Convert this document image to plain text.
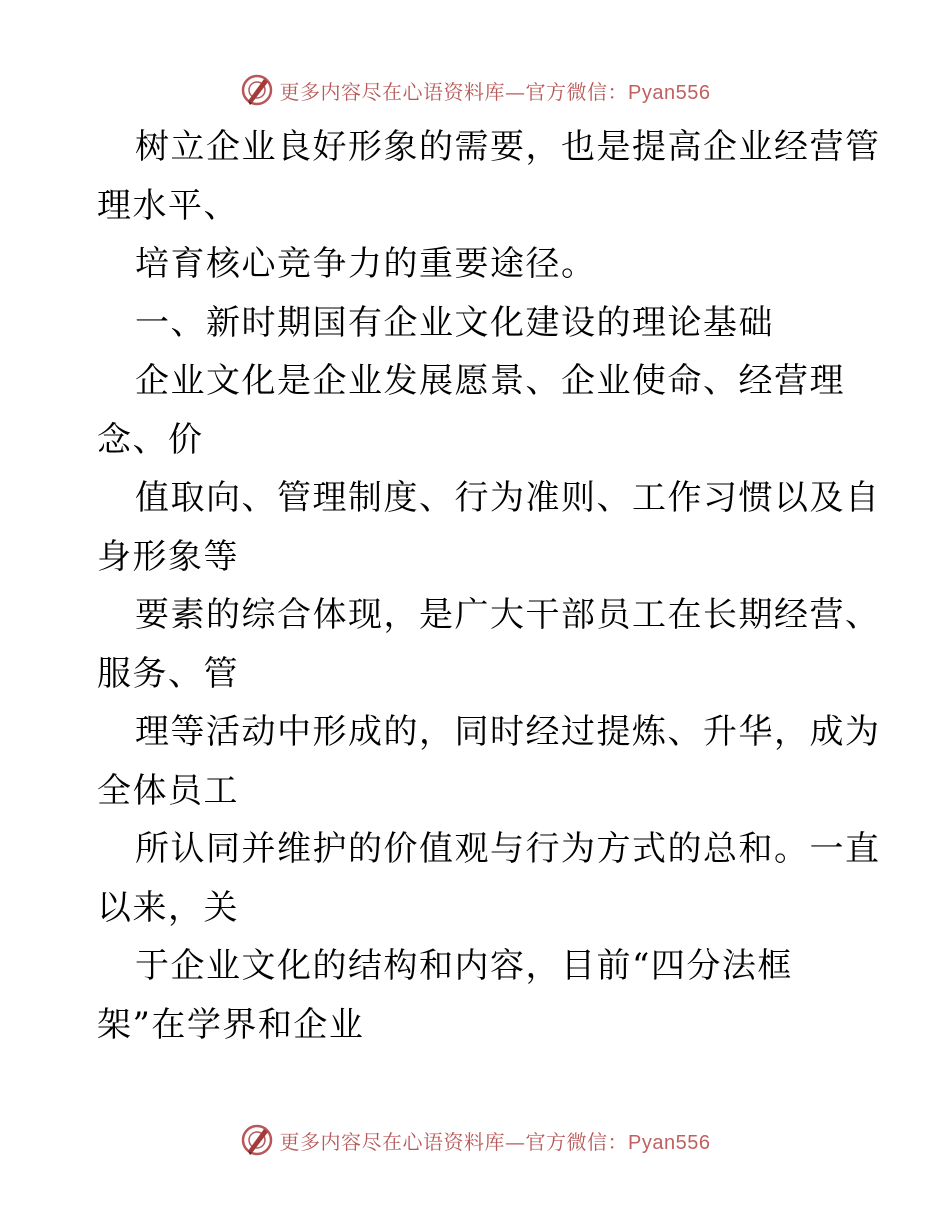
更多内容尽在心语资料库—官方微信：Pyan556
树立企业良好形象的需要，也是提高企业经营管
理水平、
培育核心竞争力的重要途径。
一、新时期国有企业文化建设的理论基础
企业文化是企业发展愿景、企业使命、经营理
念、价
值取向、管理制度、行为准则、工作习惯以及自
身形象等
要素的综合体现，是广大干部员工在长期经营、
服务、管
理等活动中形成的，同时经过提炼、升华，成为
全体员工
所认同并维护的价值观与行为方式的总和。一直
以来，关
于企业文化的结构和内容，目前“四分法框
架”在学界和企业
更多内容尽在心语资料库—官方微信：Pyan556
